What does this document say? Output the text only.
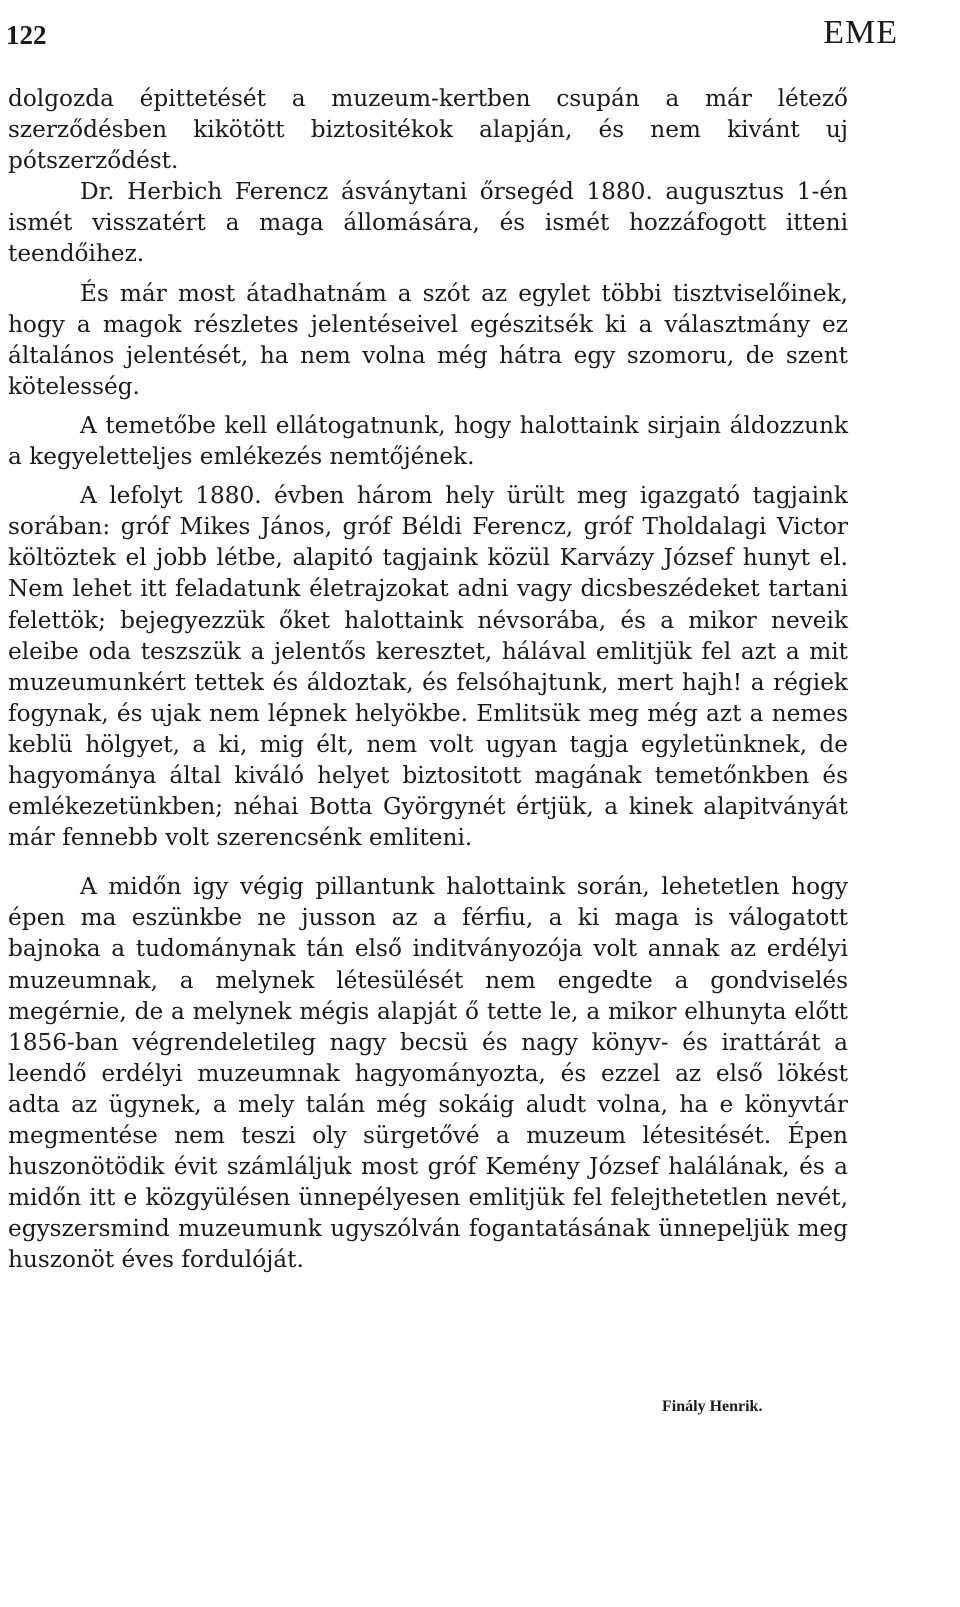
122	EME

dolgozda épittetését a muzeum-kertben csupán a már létező szerződésben kikötött biztositékok alapján, és nem kivánt uj pótszerződést.

Dr. Herbich Ferencz ásványtani őrsegéd 1880. augusztus 1-én ismét visszatért a maga állomására, és ismét hozzáfogott itteni teendőihez.

És már most átadhatnám a szót az egylet többi tisztviselőinek, hogy a magok részletes jelentéseivel egészitsék ki a választmány ez általános jelentését, ha nem volna még hátra egy szomoru, de szent kötelesség.

A temetőbe kell ellátogatnunk, hogy halottaink sirjain áldozzunk a kegyeletteljes emlékezés nemtőjének.

A lefolyt 1880. évben három hely ürült meg igazgató tagjaink sorában: gróf Mikes János, gróf Béldi Ferencz, gróf Tholdalagi Victor költöztek el jobb létbe, alapitó tagjaink közül Karvázy József hunyt el. Nem lehet itt feladatunk életrajzokat adni vagy dicsbeszédeket tartani felettök; bejegyezzük őket halottaink névsorába, és a mikor neveik eleibe oda teszszük a jelentős keresztet, hálával emlitjük fel azt a mit muzeumunkért tettek és áldoztak, és felsóhajtunk, mert hajh! a régiek fogynak, és ujak nem lépnek helyökbe. Emlitsük meg még azt a nemes keblü hölgyet, a ki, mig élt, nem volt ugyan tagja egyletünknek, de hagyománya által kiváló helyet biztositott magának temetőnkben és emlékezetünkben; néhai Botta Györgynét értjük, a kinek alapitványát már fennebb volt szerencsénk emliteni.

A midőn igy végig pillantunk halottaink során, lehetetlen hogy épen ma eszünkbe ne jusson az a férfiu, a ki maga is válogatott bajnoka a tudománynak tán első inditványozója volt annak az erdélyi muzeumnak, a melynek létesülését nem engedte a gondviselés megérnie, de a melynek mégis alapját ő tette le, a mikor elhunyta előtt 1856-ban végrendeletileg nagy becsü és nagy könyv- és irattárát a leendő erdélyi muzeumnak hagyományozta, és ezzel az első lökést adta az ügynek, a mely talán még sokáig aludt volna, ha e könyvtár megmentése nem teszi oly sürgetővé a muzeum létesitését. Épen huszonötödik évit számláljuk most gróf Kemény József halálának, és a midőn itt e közgyülésen ünnepélyesen emlitjük fel felejthetetlen nevét, egyszersmind muzeumunk ugyszólván fogantatásának ünnepeljük meg huszonöt éves fordulóját.

Finály Henrik.
